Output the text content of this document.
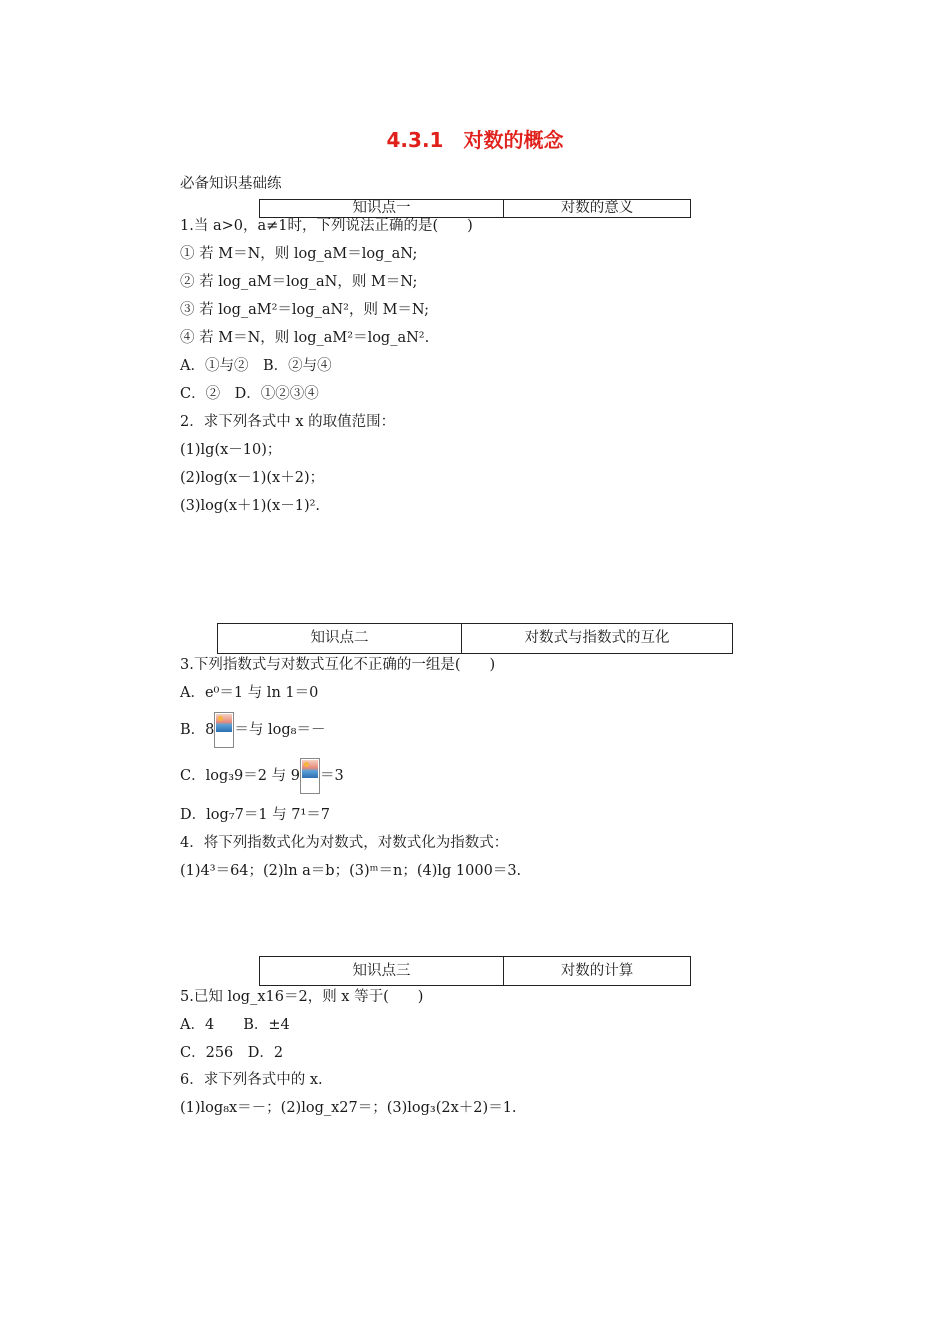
4.3.1　对数的概念
必备知识基础练
知识点一	对数的意义
1.当 a>0，a≠1时，下列说法正确的是(　　)
① 若 M＝N，则 log_aM＝log_aN;
② 若 log_aM＝log_aN，则 M＝N;
③ 若 log_aM²＝log_aN²，则 M＝N;
④ 若 M＝N，则 log_aM²＝log_aN².
A．①与②　B．②与④
C．②　D．①②③④
2．求下列各式中 x 的取值范围：
(1)lg(x－10)；
(2)log(x－1)(x＋2)；
(3)log(x＋1)(x－1)².
知识点二	对数式与指数式的互化
3.下列指数式与对数式互化不正确的一组是(　　)
A．e⁰＝1 与 ln 1＝0
B．8 ＝与 log₈＝－
C．log₃9＝2 与 9 ＝3
D．log₇7＝1 与 7¹＝7
4．将下列指数式化为对数式，对数式化为指数式：
(1)4³＝64；(2)ln a＝b；(3)ᵐ＝n；(4)lg 1000＝3.
知识点三	对数的计算
5.已知 log_x16＝2，则 x 等于(　　)
A．4　　B．±4
C．256　D．2
6．求下列各式中的 x.
(1)log₈x＝－；(2)log_x27＝；(3)log₃(2x＋2)＝1.
